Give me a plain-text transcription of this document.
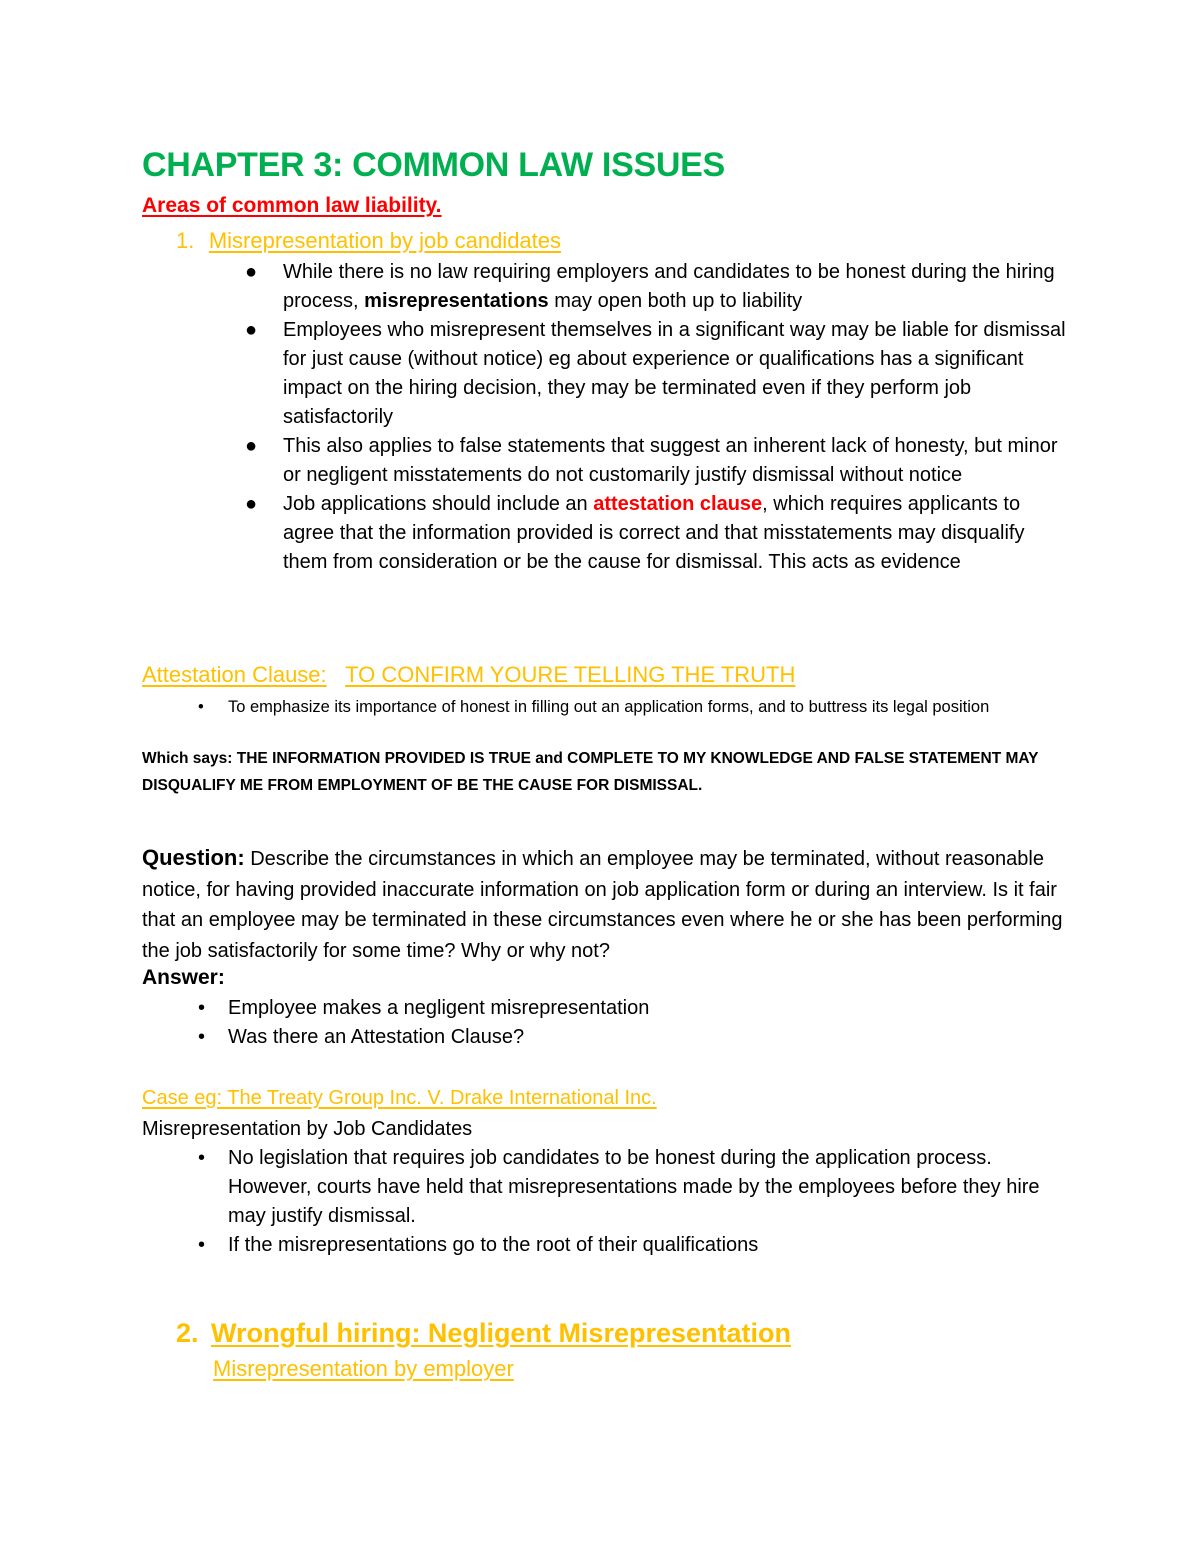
CHAPTER 3: COMMON LAW ISSUES
Areas of common law liability.
1. Misrepresentation by job candidates
● While there is no law requiring employers and candidates to be honest during the hiring process, misrepresentations may open both up to liability
● Employees who misrepresent themselves in a significant way may be liable for dismissal for just cause (without notice) eg about experience or qualifications has a significant impact on the hiring decision, they may be terminated even if they perform job satisfactorily
● This also applies to false statements that suggest an inherent lack of honesty, but minor or negligent misstatements do not customarily justify dismissal without notice
● Job applications should include an attestation clause, which requires applicants to agree that the information provided is correct and that misstatements may disqualify them from consideration or be the cause for dismissal. This acts as evidence
Attestation Clause: TO CONFIRM YOURE TELLING THE TRUTH
• To emphasize its importance of honest in filling out an application forms, and to buttress its legal position
Which says: THE INFORMATION PROVIDED IS TRUE and COMPLETE TO MY KNOWLEDGE AND FALSE STATEMENT MAY DISQUALIFY ME FROM EMPLOYMENT OF BE THE CAUSE FOR DISMISSAL.
Question: Describe the circumstances in which an employee may be terminated, without reasonable notice, for having provided inaccurate information on job application form or during an interview. Is it fair that an employee may be terminated in these circumstances even where he or she has been performing the job satisfactorily for some time? Why or why not?
Answer:
• Employee makes a negligent misrepresentation
• Was there an Attestation Clause?
Case eg: The Treaty Group Inc. V. Drake International Inc.
Misrepresentation by Job Candidates
• No legislation that requires job candidates to be honest during the application process. However, courts have held that misrepresentations made by the employees before they hire may justify dismissal.
• If the misrepresentations go to the root of their qualifications
2. Wrongful hiring: Negligent Misrepresentation
Misrepresentation by employer
